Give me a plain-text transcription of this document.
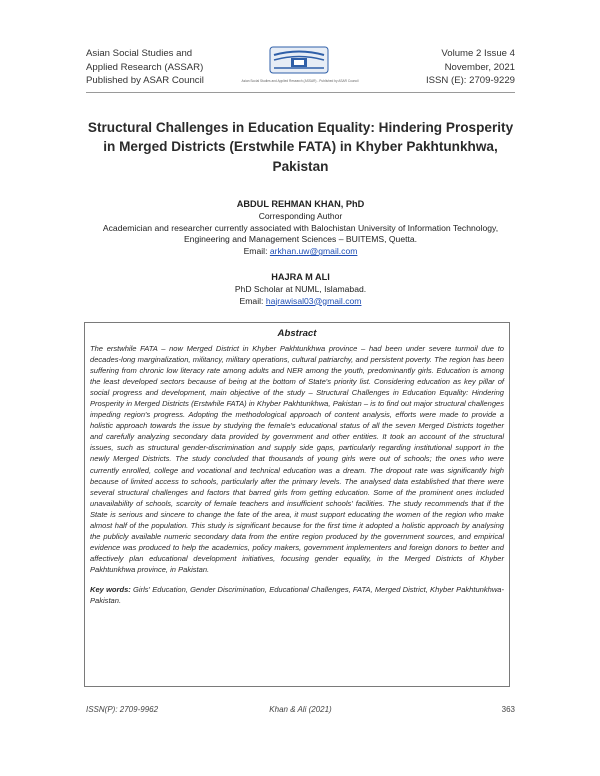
Asian Social Studies and
Applied Research (ASSAR)
Published by ASAR Council	Asian Social Studies and Applied Research (ASSAR) - Published by ASAR Council
Volume 2 Issue 4
November, 2021
ISSN (E): 2709-9229
Structural Challenges in Education Equality: Hindering Prosperity
in Merged Districts (Erstwhile FATA) in Khyber Pakhtunkhwa,
Pakistan
ABDUL REHMAN KHAN, PhD
Corresponding Author
Academician and researcher currently associated with Balochistan University of Information Technology,
Engineering and Management Sciences – BUITEMS, Quetta.
Email: arkhan.uw@gmail.com
HAJRA M ALI
PhD Scholar at NUML, Islamabad.
Email: hajrawisal03@gmail.com
Abstract

The erstwhile FATA – now Merged District in Khyber Pakhtunkhwa province – had been under severe turmoil due to decades-long marginalization, militancy, military operations, cultural patriarchy, and persistent poverty. The region has been suffering from chronic low literacy rate among adults and NER among the youth, predominantly girls. Education is among the least developed sectors because of being at the bottom of State's priority list. Considering education as key pillar of social progress and development, main objective of the study – Structural Challenges in Education Equality: Hindering Prosperity in Merged Districts (Erstwhile FATA) in Khyber Pakhtunkhwa, Pakistan – is to find out major structural challenges impeding region's progress. Adopting the methodological approach of content analysis, efforts were made to provide a holistic approach towards the issue by studying the female's educational status of all the seven Merged Districts together and carefully analyzing secondary data provided by government and other entities. It took an account of the structural issues, such as structural gender-discrimination and supply side gaps, particularly regarding institutional support in the newly Merged Districts. The study concluded that thousands of young girls were out of schools; the ones who were currently enrolled, college and vocational and technical education was a dream. The dropout rate was significantly high because of limited access to schools, particularly after the primary levels. The analysed data established that there were several structural challenges and factors that barred girls from getting education. Some of the prominent ones included unavailability of schools, scarcity of female teachers and insufficient schools' facilities. The study recommends that if the State is serious and sincere to change the fate of the area, it must support educating the women of the region who make almost half of the population. This study is significant because for the first time it adopted a holistic approach by analysing the publicly available numeric secondary data from the entire region produced by the government sources, and empirical evidence was produced to help the academics, policy makers, government implementers and foreign donors to better and affectively plan educational development initiatives, focusing gender equality, in the Merged Districts of Khyber Pakhtunkhwa province, in Pakistan.

Key words: Girls' Education, Gender Discrimination, Educational Challenges, FATA, Merged District, Khyber Pakhtunkhwa-Pakistan.

ISSN(P): 2709-9962	Khan & Ali (2021)	363
